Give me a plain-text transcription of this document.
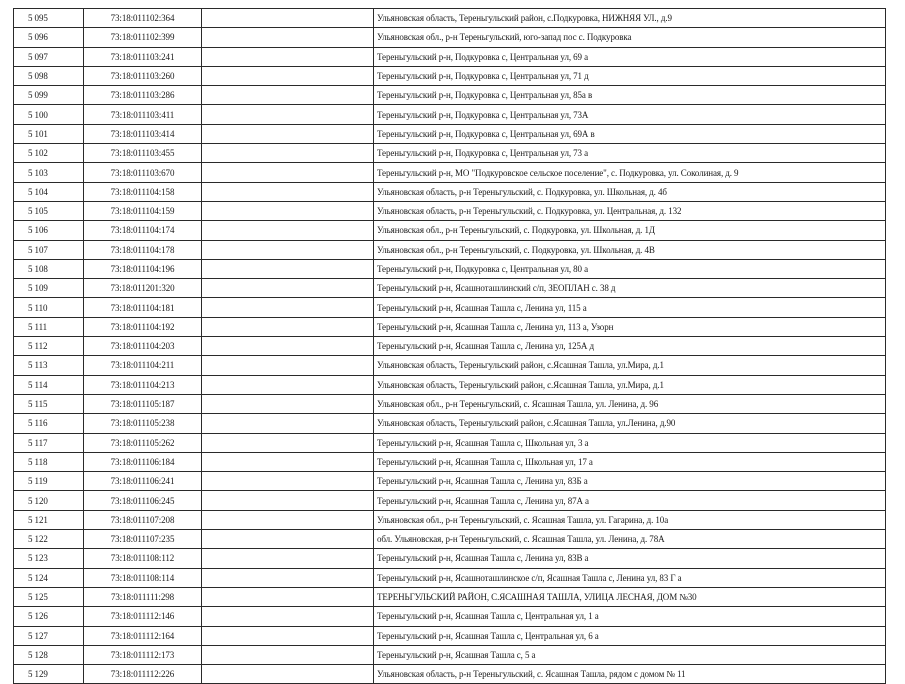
5 095	73:18:011102:364		Ульяновская область, Тереньгульский район, с.Подкуровка, НИЖНЯЯ УЛ., д.9
5 096	73:18:011102:399		Ульяновская обл., р-н Тереньгульский, юго-запад пос с. Подкуровка
5 097	73:18:011103:241		Тереньгульский р-н, Подкуровка с, Центральная ул, 69 а
5 098	73:18:011103:260		Тереньгульский р-н, Подкуровка с, Центральная ул, 71 д
5 099	73:18:011103:286		Тереньгульский р-н, Подкуровка с, Центральная ул, 85а в
5 100	73:18:011103:411		Тереньгульский р-н, Подкуровка с, Центральная ул, 73А
5 101	73:18:011103:414		Тереньгульский р-н, Подкуровка с, Центральная ул, 69А в
5 102	73:18:011103:455		Тереньгульский р-н, Подкуровка с, Центральная ул, 73 а
5 103	73:18:011103:670		Тереньгульский р-н, МО "Подкуровское сельское поселение", с. Подкуровка, ул. Соколиная, д. 9
5 104	73:18:011104:158		Ульяновская область, р-н Тереньгульский, с. Подкуровка, ул. Школьная, д. 4б
5 105	73:18:011104:159		Ульяновская область, р-н Тереньгульский, с. Подкуровка, ул. Центральная, д. 132
5 106	73:18:011104:174		Ульяновская обл., р-н Тереньгульский, с. Подкуровка, ул. Школьная, д. 1Д
5 107	73:18:011104:178		Ульяновская обл., р-н Тереньгульский, с. Подкуровка, ул. Школьная, д. 4В
5 108	73:18:011104:196		Тереньгульский р-н, Подкуровка с, Центральная ул, 80 а
5 109	73:18:011201:320		Тереньгульский р-н, Ясашноташлинский с/п, ЗЕОПЛАН с. 38 д
5 110	73:18:011104:181		Тереньгульский р-н, Ясашная Ташла с, Ленина ул, 115 а
5 111	73:18:011104:192		Тереньгульский р-н, Ясашная Ташла с, Ленина ул, 113 а, Узорн
5 112	73:18:011104:203		Тереньгульский р-н, Ясашная Ташла с, Ленина ул, 125А д
5 113	73:18:011104:211		Ульяновская область, Тереньгульский район, с.Ясашная Ташла, ул.Мира, д.1
5 114	73:18:011104:213		Ульяновская область, Тереньгульский район, с.Ясашная Ташла, ул.Мира, д.1
5 115	73:18:011105:187		Ульяновская обл., р-н Тереньгульский, с. Ясашная Ташла, ул. Ленина, д. 96
5 116	73:18:011105:238		Ульяновская область, Тереньгульский район, с.Ясашная Ташла, ул.Ленина, д.90
5 117	73:18:011105:262		Тереньгульский р-н, Ясашная Ташла с, Школьная ул, 3 а
5 118	73:18:011106:184		Тереньгульский р-н, Ясашная Ташла с, Школьная ул, 17 а
5 119	73:18:011106:241		Тереньгульский р-н, Ясашная Ташла с, Ленина ул, 83Б а
5 120	73:18:011106:245		Тереньгульский р-н, Ясашная Ташла с, Ленина ул, 87А а
5 121	73:18:011107:208		Ульяновская обл., р-н Тереньгульский, с. Ясашная Ташла, ул. Гагарина, д. 10а
5 122	73:18:011107:235		обл. Ульяновская, р-н Тереньгульский, с. Ясашная Ташла, ул. Ленина, д. 78А
5 123	73:18:011108:112		Тереньгульский р-н, Ясашная Ташла с, Ленина ул, 83В а
5 124	73:18:011108:114		Тереньгульский р-н, Ясашноташлинское с/п, Ясашная Ташла с, Ленина ул, 83 Г а
5 125	73:18:011111:298		ТЕРЕНЬГУЛЬСКИЙ РАЙОН, С.ЯСАШНАЯ ТАШЛА, УЛИЦА ЛЕСНАЯ, ДОМ №30
5 126	73:18:011112:146		Тереньгульский р-н, Ясашная Ташла с, Центральная ул, 1 а
5 127	73:18:011112:164		Тереньгульский р-н, Ясашная Ташла с, Центральная ул, 6 а
5 128	73:18:011112:173		Тереньгульский р-н, Ясашная Ташла с, 5 а
5 129	73:18:011112:226		Ульяновская область, р-н Тереньгульский, с. Ясашная Ташла, рядом с домом № 11
